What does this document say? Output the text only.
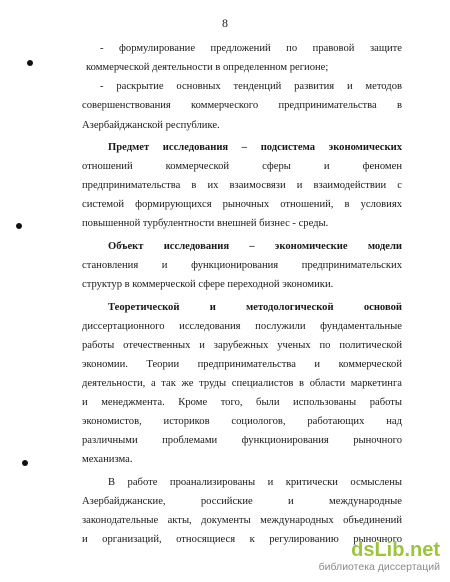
8
- формулирование предложений по правовой защите
коммерческой деятельности в определенном регионе;
- раскрытие основных тенденций развития и методов
совершенствования коммерческого предпринимательства в
Азербайджанской республике.
Предмет исследования – подсистема экономических
отношений коммерческой сферы и феномен
предпринимательства в их взаимосвязи и взаимодействии с
системой формирующихся рыночных отношений, в условиях
повышенной турбулентности внешней бизнес - среды.
Объект исследования – экономические модели
становления и функционирования предпринимательских
структур в коммерческой сфере переходной экономики.
Теоретической и методологической основой
диссертационного исследования послужили фундаментальные
работы отечественных и зарубежных ученых по политической
экономии. Теории предпринимательства и коммерческой
деятельности, а так же труды специалистов в области маркетинга
и менеджмента. Кроме того, были использованы работы
экономистов, историков социологов, работающих над
различными проблемами функционирования рыночного
механизма.
В работе проанализированы и критически осмыслены
Азербайджанские, российские и международные
законодательные акты, документы международных объединений
и организаций, относящиеся к регулированию рыночного
dsLib.net
библиотека диссертаций
